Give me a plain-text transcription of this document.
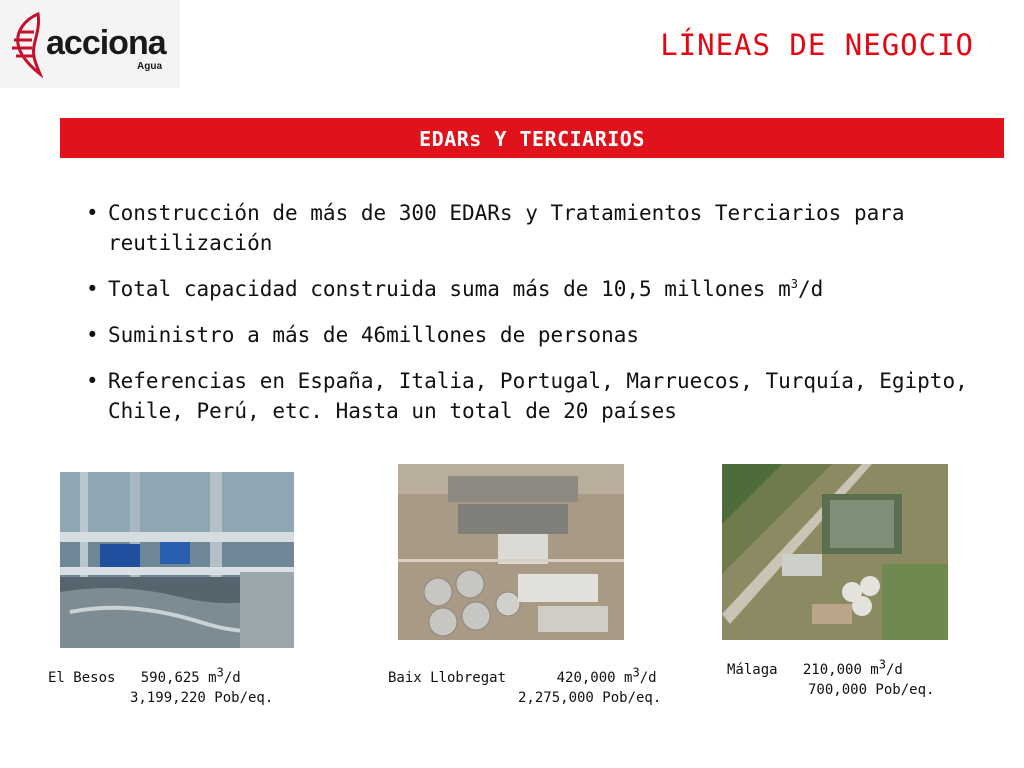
acciona
Agua
LÍNEAS DE NEGOCIO
EDARs Y TERCIARIOS
• Construcción de más de 300 EDARs y Tratamientos Terciarios para reutilización
• Total capacidad construida suma más de 10,5 millones $m^3/d$
• Suministro a más de 46millones de personas
• Referencias en España, Italia, Portugal, Marruecos, Turquía, Egipto, Chile, Perú, etc. Hasta un total de 20 países
El Besos 590,625 $m^3/d$
3,199,220 Pob/eq.
Baix Llobregat	420,000 $m^3/d$
2,275,000 Pob/eq.
Málaga 210,000 $m^3/d$
700,000 Pob/eq.
